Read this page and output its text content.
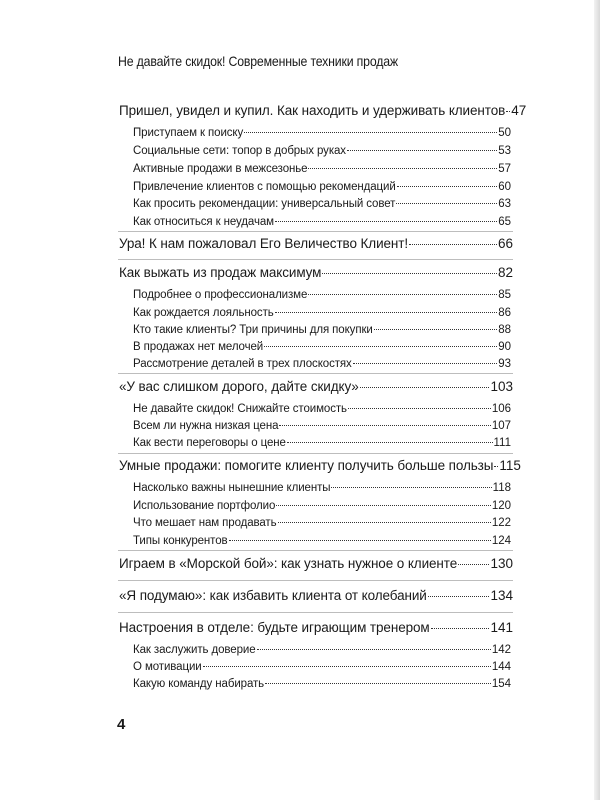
Не давайте скидок! Современные техники продаж
Пришел, увидел и купил. Как находить и удерживать клиентов 47
Приступаем к поиску	50
Социальные сети: топор в добрых руках	53
Активные продажи в межсезонье	57
Привлечение клиентов с помощью рекомендаций	60
Как просить рекомендации: универсальный совет	63
Как относиться к неудачам	65
Ура! К нам пожаловал Его Величество Клиент!	66
Как выжать из продаж максимум	82
Подробнее о профессионализме	85
Как рождается лояльность	86
Кто такие клиенты? Три причины для покупки	88
В продажах нет мелочей	90
Рассмотрение деталей в трех плоскостях	93
«У вас слишком дорого, дайте скидку»	103
Не давайте скидок! Снижайте стоимость	106
Всем ли нужна низкая цена	107
Как вести переговоры о цене	111
Умные продажи: помогите клиенту получить больше пользы 115
Насколько важны нынешние клиенты	118
Использование портфолио	120
Что мешает нам продавать	122
Типы конкурентов	124
Играем в «Морской бой»: как узнать нужное о клиенте 130
«Я подумаю»: как избавить клиента от колебаний	134
Настроения в отделе: будьте играющим тренером	141
Как заслужить доверие	142
О мотивации	144
Какую команду набирать	154
4
